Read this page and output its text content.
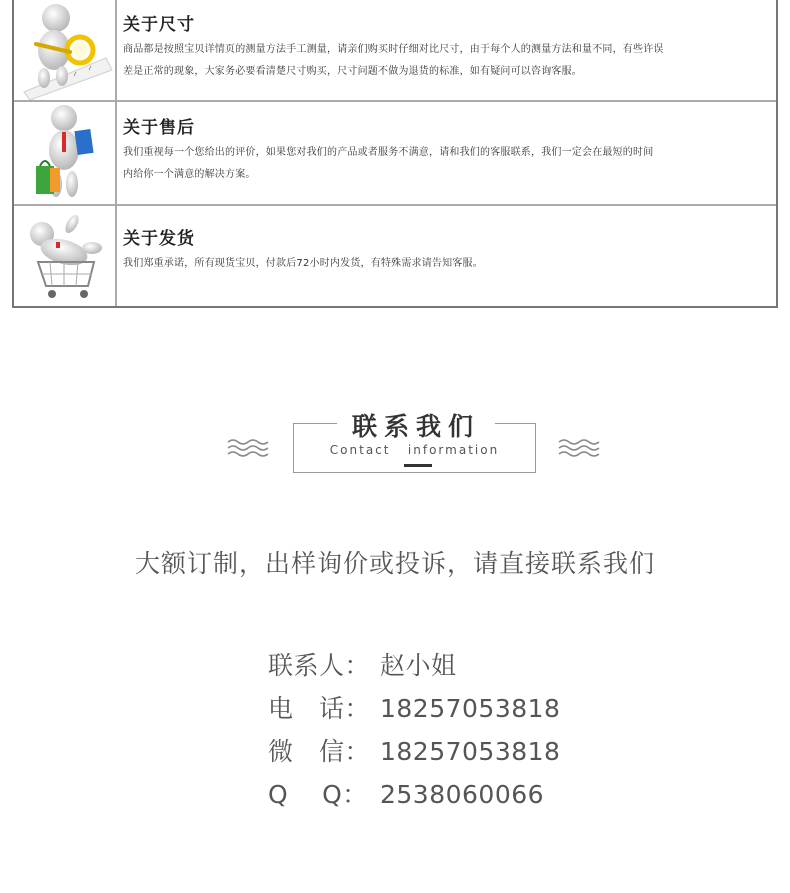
关于尺寸
商品都是按照宝贝详情页的测量方法手工测量，请亲们购买时仔细对比尺寸，由于每个人的测量方法和量不同，有些许误
差是正常的现象，大家务必要看清楚尺寸购买，尺寸问题不做为退货的标准，如有疑问可以咨询客服。
关于售后
我们重视每一个您给出的评价，如果您对我们的产品或者服务不满意，请和我们的客服联系，我们一定会在最短的时间
内给你一个满意的解决方案。
关于发货
我们郑重承诺，所有现货宝贝，付款后72小时内发货，有特殊需求请告知客服。
联系我们
Contact   information
大额订制，出样询价或投诉，请直接联系我们
联系人： 赵小姐
电　话： 18257053818
微　信： 18257053818
Q　 Q： 2538060066
